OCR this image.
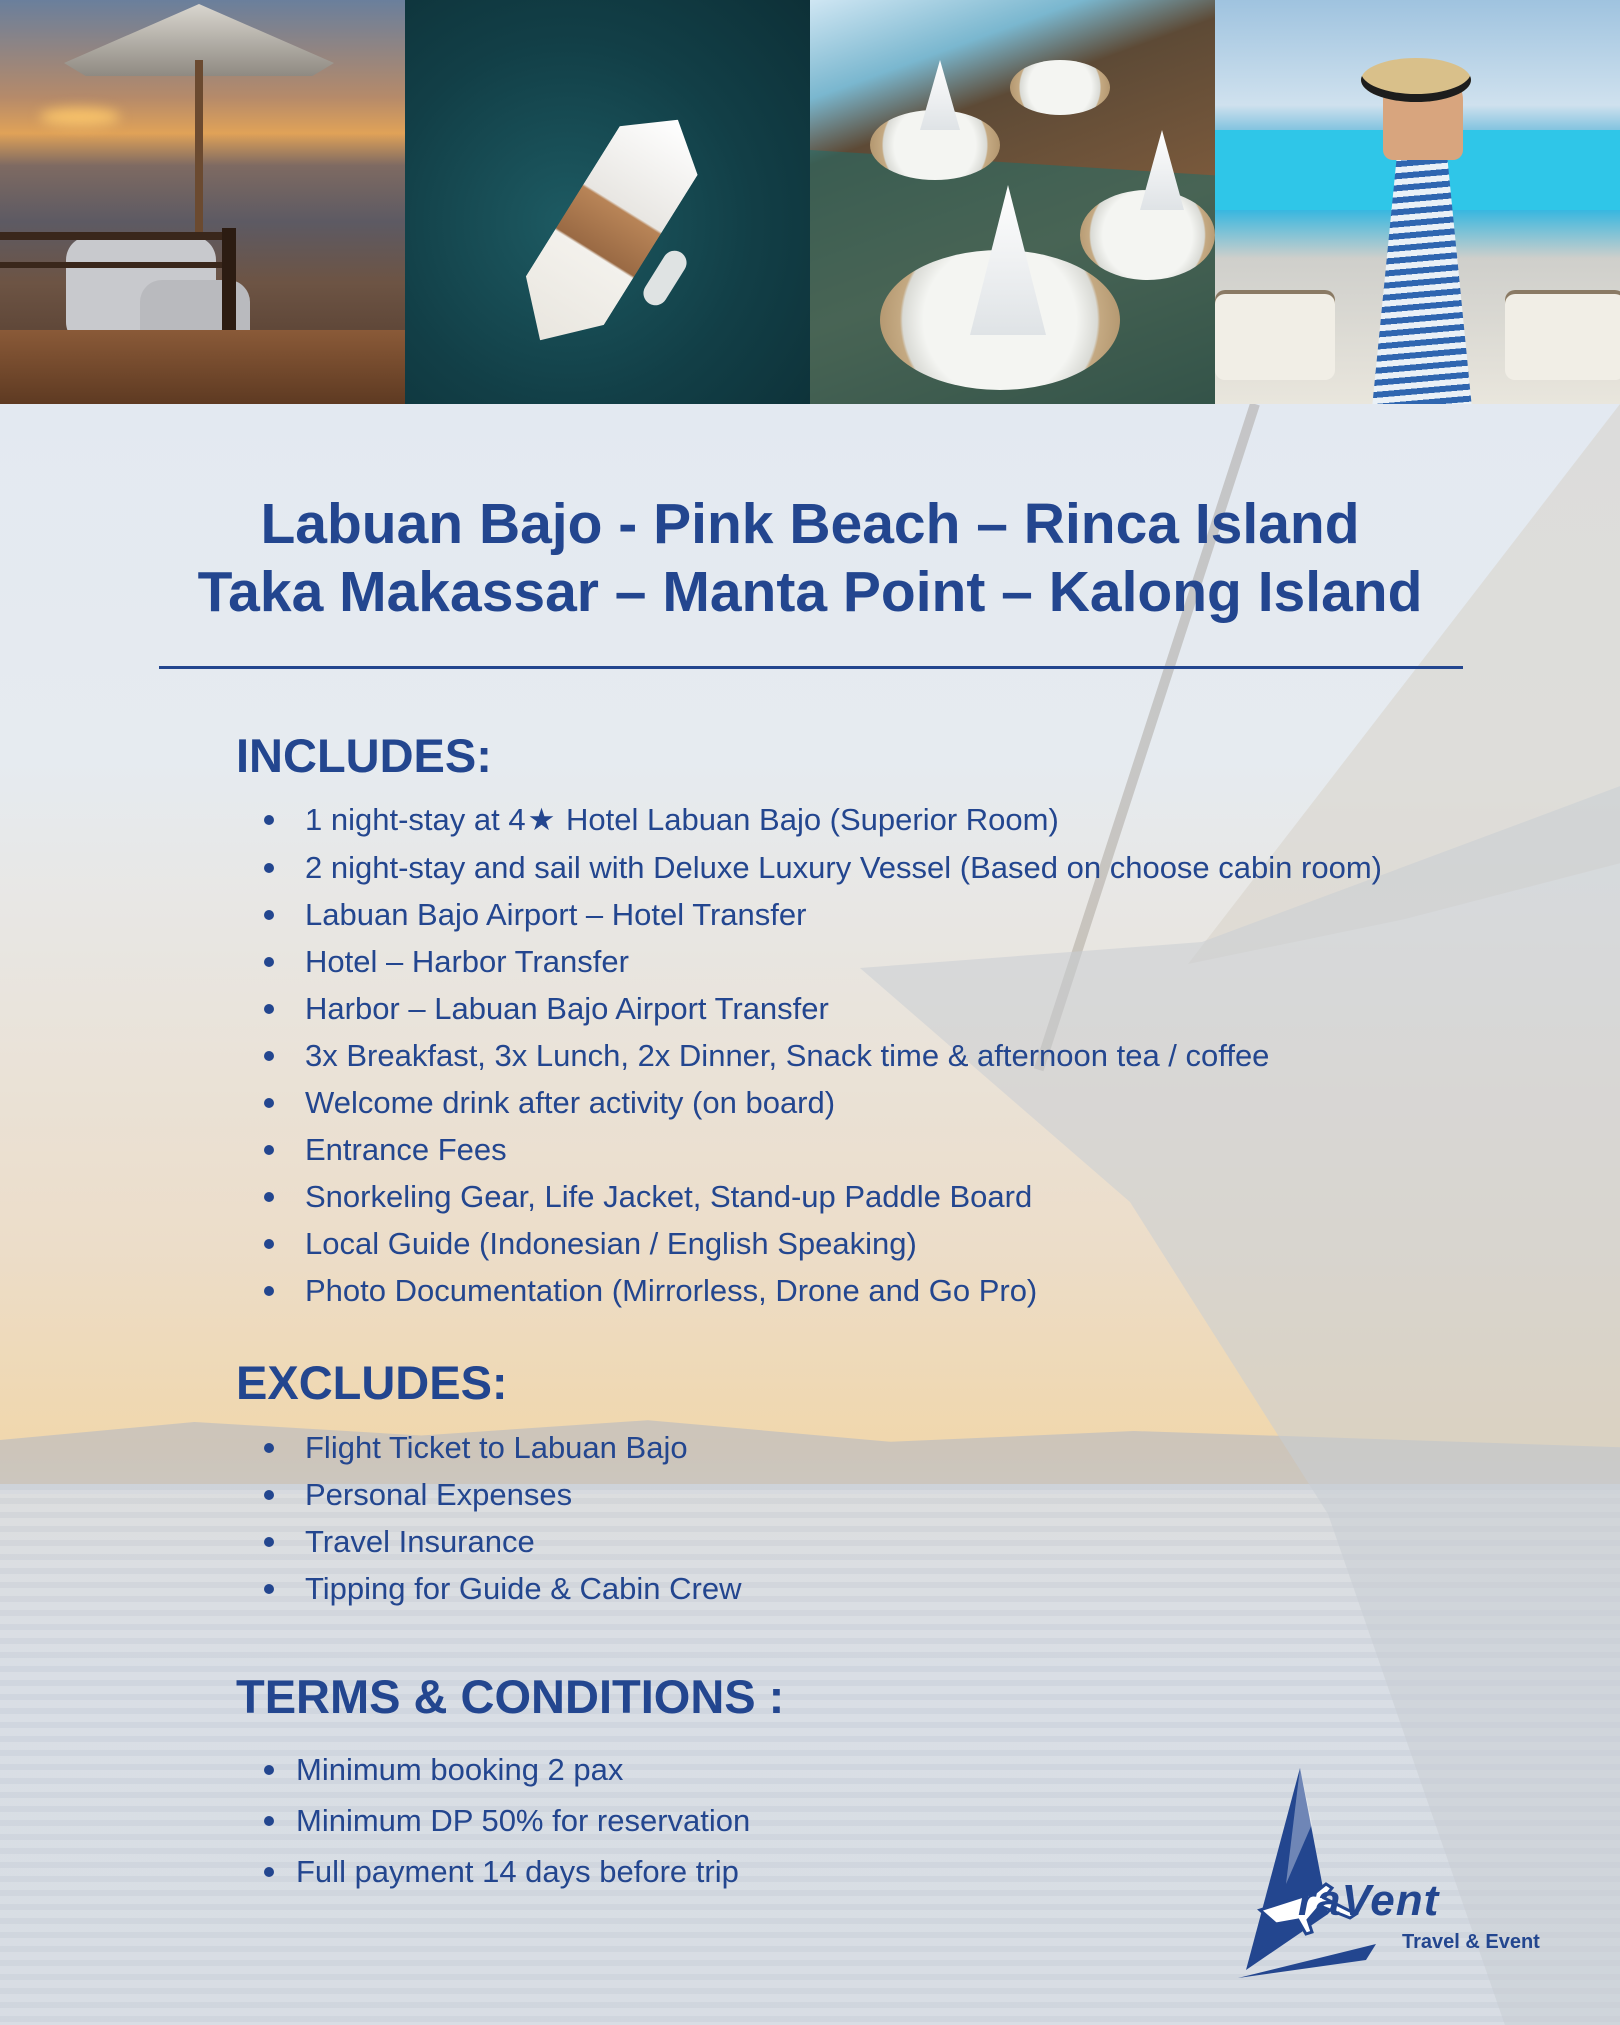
Labuan Bajo - Pink Beach – Rinca Island
Taka Makassar – Manta Point – Kalong Island
INCLUDES:
1 night-stay at 4★ Hotel Labuan Bajo (Superior Room)
2 night-stay and sail with Deluxe Luxury Vessel (Based on choose cabin room)
Labuan Bajo Airport – Hotel Transfer
Hotel – Harbor Transfer
Harbor – Labuan Bajo Airport Transfer
3x Breakfast, 3x Lunch, 2x Dinner, Snack time & afternoon tea / coffee
Welcome drink after activity (on board)
Entrance Fees
Snorkeling Gear, Life Jacket, Stand-up Paddle Board
Local Guide (Indonesian / English Speaking)
Photo Documentation (Mirrorless, Drone and Go Pro)
EXCLUDES:
Flight Ticket to Labuan Bajo
Personal Expenses
Travel Insurance
Tipping for Guide & Cabin Crew
TERMS & CONDITIONS :
Minimum booking 2 pax
Minimum DP 50% for reservation
Full payment 14 days before trip
raVent
Travel & Event
